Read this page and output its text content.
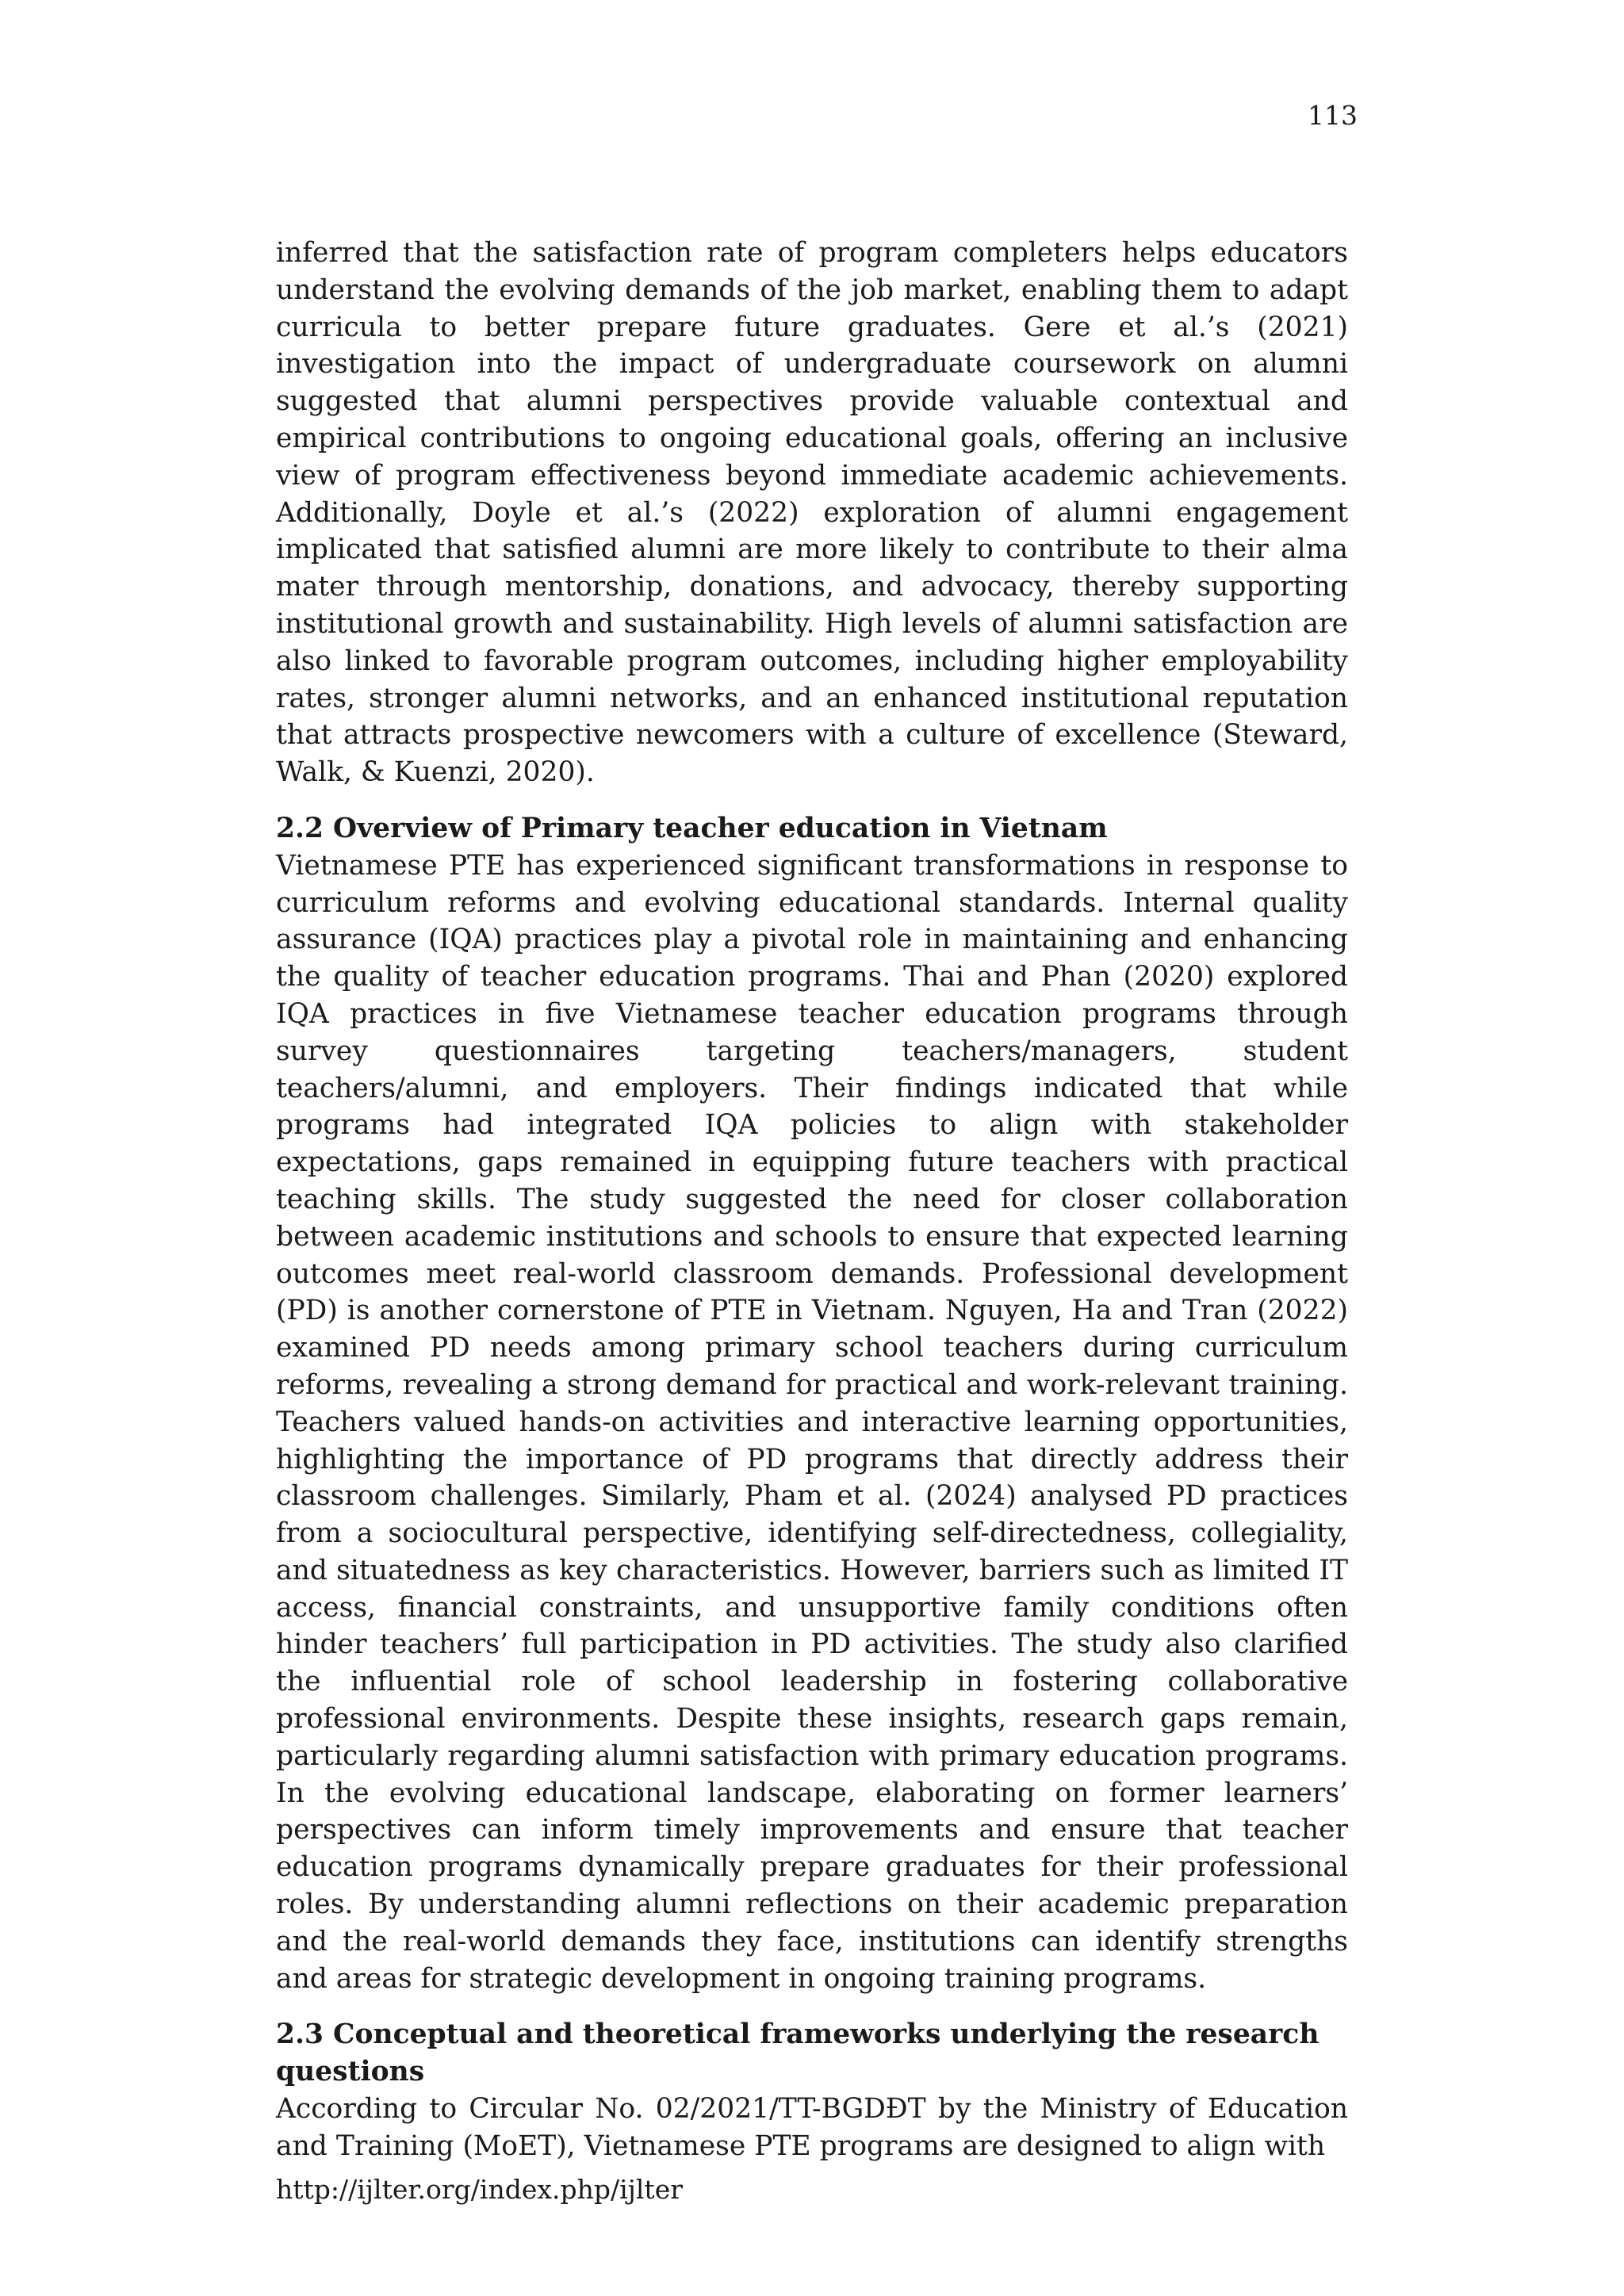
113

inferred that the satisfaction rate of program completers helps educators understand the evolving demands of the job market, enabling them to adapt curricula to better prepare future graduates. Gere et al.’s (2021) investigation into the impact of undergraduate coursework on alumni suggested that alumni perspectives provide valuable contextual and empirical contributions to ongoing educational goals, offering an inclusive view of program effectiveness beyond immediate academic achievements. Additionally, Doyle et al.’s (2022) exploration of alumni engagement implicated that satisfied alumni are more likely to contribute to their alma mater through mentorship, donations, and advocacy, thereby supporting institutional growth and sustainability. High levels of alumni satisfaction are also linked to favorable program outcomes, including higher employability rates, stronger alumni networks, and an enhanced institutional reputation that attracts prospective newcomers with a culture of excellence (Steward, Walk, & Kuenzi, 2020).

2.2 Overview of Primary teacher education in Vietnam

Vietnamese PTE has experienced significant transformations in response to curriculum reforms and evolving educational standards. Internal quality assurance (IQA) practices play a pivotal role in maintaining and enhancing the quality of teacher education programs. Thai and Phan (2020) explored IQA practices in five Vietnamese teacher education programs through survey questionnaires targeting teachers/managers, student teachers/alumni, and employers. Their findings indicated that while programs had integrated IQA policies to align with stakeholder expectations, gaps remained in equipping future teachers with practical teaching skills. The study suggested the need for closer collaboration between academic institutions and schools to ensure that expected learning outcomes meet real-world classroom demands. Professional development (PD) is another cornerstone of PTE in Vietnam. Nguyen, Ha and Tran (2022) examined PD needs among primary school teachers during curriculum reforms, revealing a strong demand for practical and work-relevant training. Teachers valued hands-on activities and interactive learning opportunities, highlighting the importance of PD programs that directly address their classroom challenges. Similarly, Pham et al. (2024) analysed PD practices from a sociocultural perspective, identifying self-directedness, collegiality, and situatedness as key characteristics. However, barriers such as limited IT access, financial constraints, and unsupportive family conditions often hinder teachers’ full participation in PD activities. The study also clarified the influential role of school leadership in fostering collaborative professional environments. Despite these insights, research gaps remain, particularly regarding alumni satisfaction with primary education programs. In the evolving educational landscape, elaborating on former learners’ perspectives can inform timely improvements and ensure that teacher education programs dynamically prepare graduates for their professional roles. By understanding alumni reflections on their academic preparation and the real-world demands they face, institutions can identify strengths and areas for strategic development in ongoing training programs.

2.3 Conceptual and theoretical frameworks underlying the research questions

According to Circular No. 02/2021/TT-BGDĐT by the Ministry of Education and Training (MoET), Vietnamese PTE programs are designed to align with

http://ijlter.org/index.php/ijlter
